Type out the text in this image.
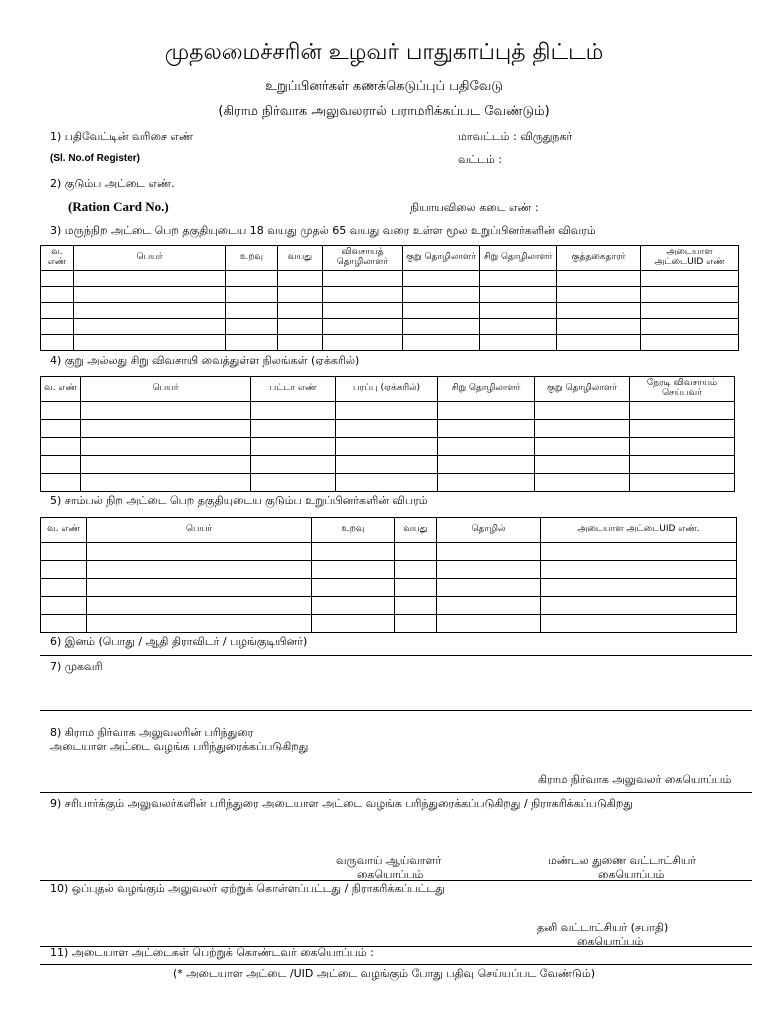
முதலமைச்சரின் உழவர் பாதுகாப்புத் திட்டம்
உறுப்பினர்கள் கணக்கெடுப்புப் பதிவேடு
(கிராம நிர்வாக அலுவலரால் பராமரிக்கப்பட வேண்டும்)
1) பதிவேட்டின் வரிசை எண்	மாவட்டம் : விருதுநகர்
(Sl. No.of Register)	வட்டம் :
2) குடும்ப அட்டை எண்.
(Ration Card No.)	நியாயவிலை கடை எண் :
3) மருந்நிற அட்டை பெற தகுதியுடைய 18 வயது முதல் 65 வயது வரை உள்ள மூல உறுப்பினர்களின் விவரம்
வ. எண்	பெயர்	உறவு	வயது	விவசாயத் தொழிலாளர்	குறு தொழிலாளர்	சிறு தொழிலாளர்	குத்தகைதாரர்	அடையாள அட்டைUID எண்

4) குறு அல்லது சிறு விவசாயி வைத்துள்ள நிலங்கள் (ஏக்கரில்)
வ. எண்	பெயர்	பட்டா எண்	பரப்பு (ஏக்கரில்)	சிறு தொழிலாளர்	குறு தொழிலாளர்	நேரடி விவசாயம் செய்பவர்

5) சாம்பல் நிற அட்டை பெற தகுதியுடைய குடும்ப உறுப்பினர்களின் விபரம்
வ. எண்	பெயர்	உறவு	வயது	தொழில்	அடையாள அட்டைUID எண்.

6) இனம் (பொது / ஆதி திராவிடர் / பழங்குடியினர்)
7) முகவரி
8) கிராம நிர்வாக அலுவலரின் பரிந்துரை
அடையாள அட்டை வழங்க பரிந்துரைக்கப்படுகிறது
கிராம நிர்வாக அலுவலர் கையொப்பம்
9) சரிபார்க்கும் அலுவலர்களின் பரிந்துரை அடையாள அட்டை வழங்க பரிந்துரைக்கப்படுகிறது / நிராகரிக்கப்படுகிறது
வருவாய் ஆய்வாளர்
கையொப்பம்
மண்டல துணை வட்டாட்சியர்
கையொப்பம்
10) ஒப்புதல் வழங்கும் அலுவலர் ஏற்றுக் கொள்ளப்பட்டது / நிராகரிக்கப்பட்டது
தனி வட்டாட்சியர் (சபாதி)
கையொப்பம்
11) அடையாள அட்டைகள் பெற்றுக் கொண்டவர் கையொப்பம் :
(* அடையாள அட்டை /UID அட்டை வழங்கும் போது பதிவு செய்யப்பட வேண்டும்)
